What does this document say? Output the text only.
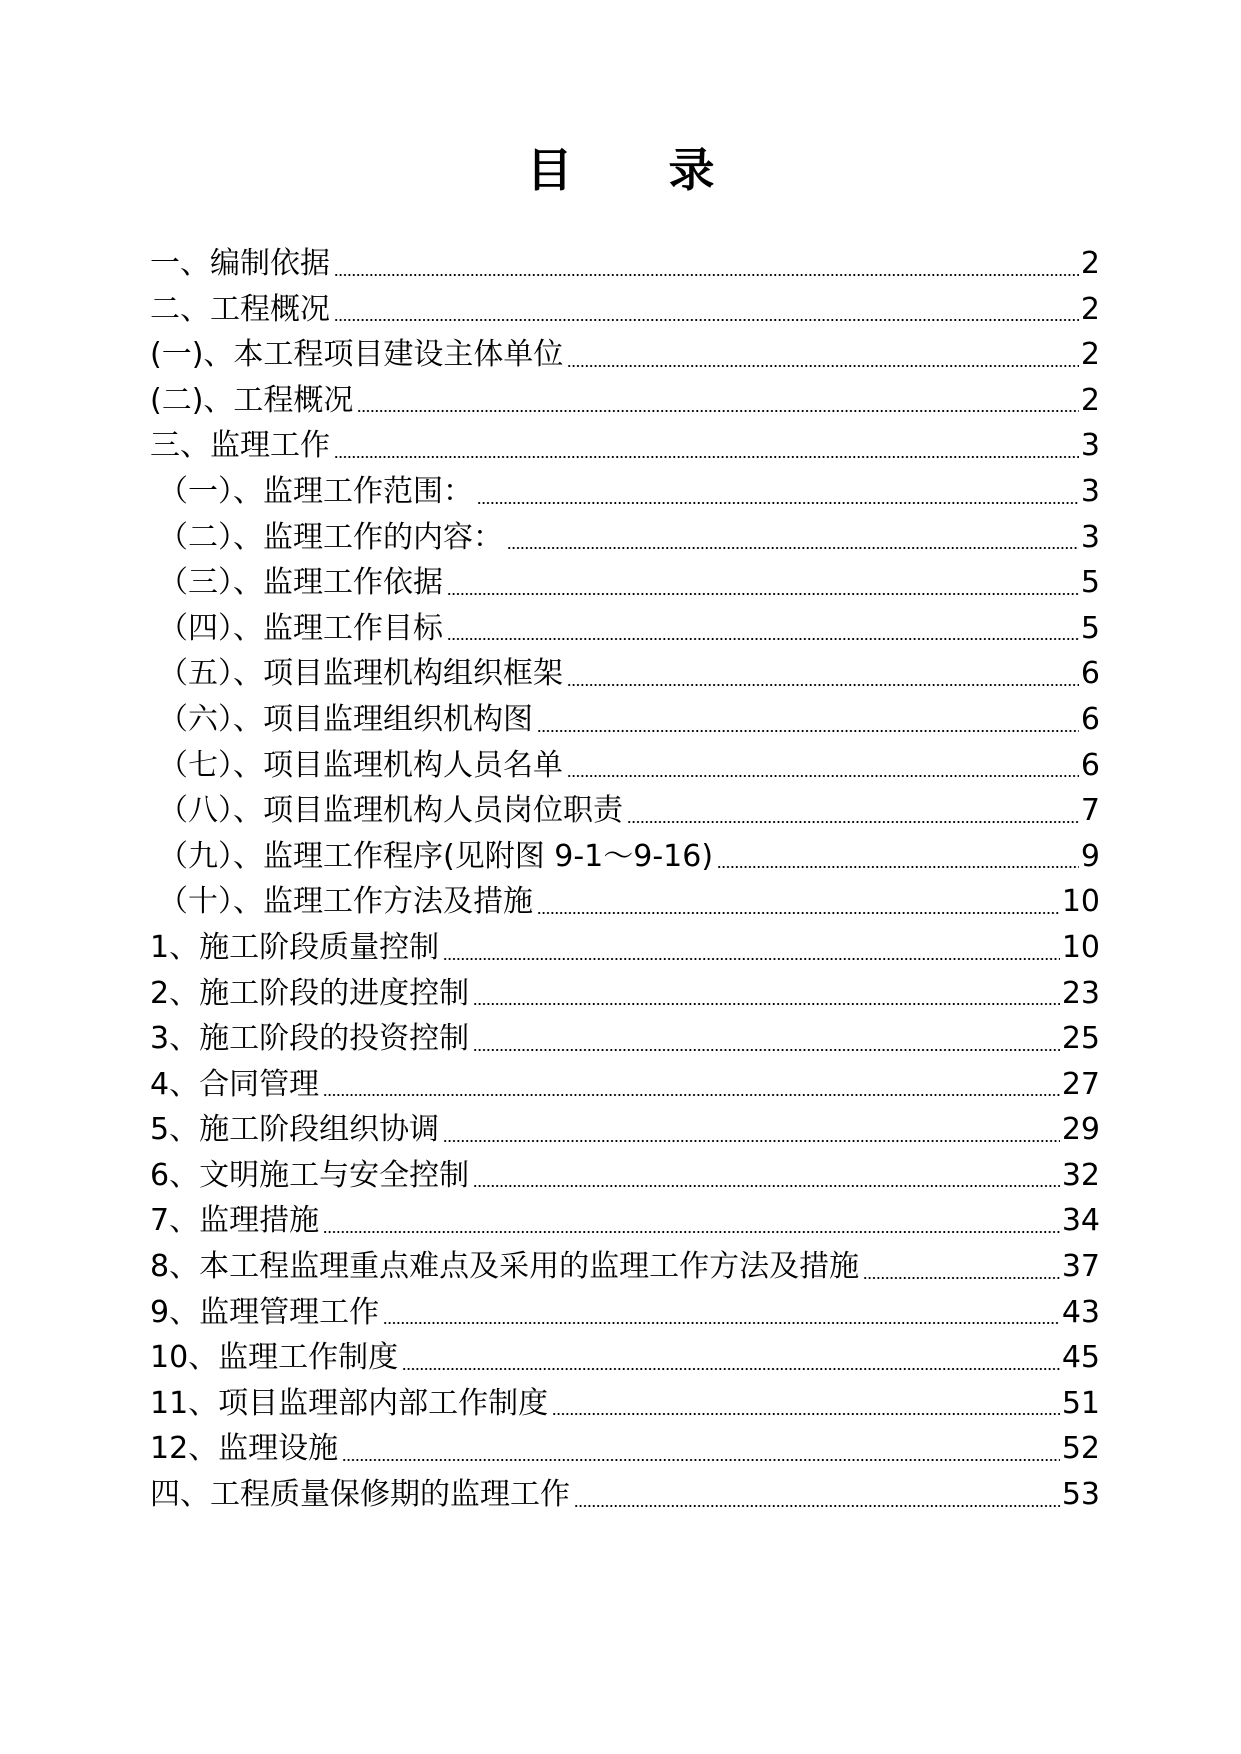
目 录
一、编制依据	2
二、工程概况	2
(一)、本工程项目建设主体单位	2
(二)、工程概况	2
三、监理工作	3
（一）、监理工作范围：	3
（二）、监理工作的内容：	3
（三）、监理工作依据	5
（四）、监理工作目标	5
（五）、项目监理机构组织框架	6
（六）、项目监理组织机构图	6
（七）、项目监理机构人员名单	6
（八）、项目监理机构人员岗位职责	7
（九）、监理工作程序(见附图 9-1～9-16)	9
（十）、监理工作方法及措施	10
1、施工阶段质量控制	10
2、施工阶段的进度控制	23
3、施工阶段的投资控制	25
4、合同管理	27
5、施工阶段组织协调	29
6、文明施工与安全控制	32
7、监理措施	34
8、本工程监理重点难点及采用的监理工作方法及措施	37
9、监理管理工作	43
10、监理工作制度	45
11、项目监理部内部工作制度	51
12、监理设施	52
四、工程质量保修期的监理工作	53
